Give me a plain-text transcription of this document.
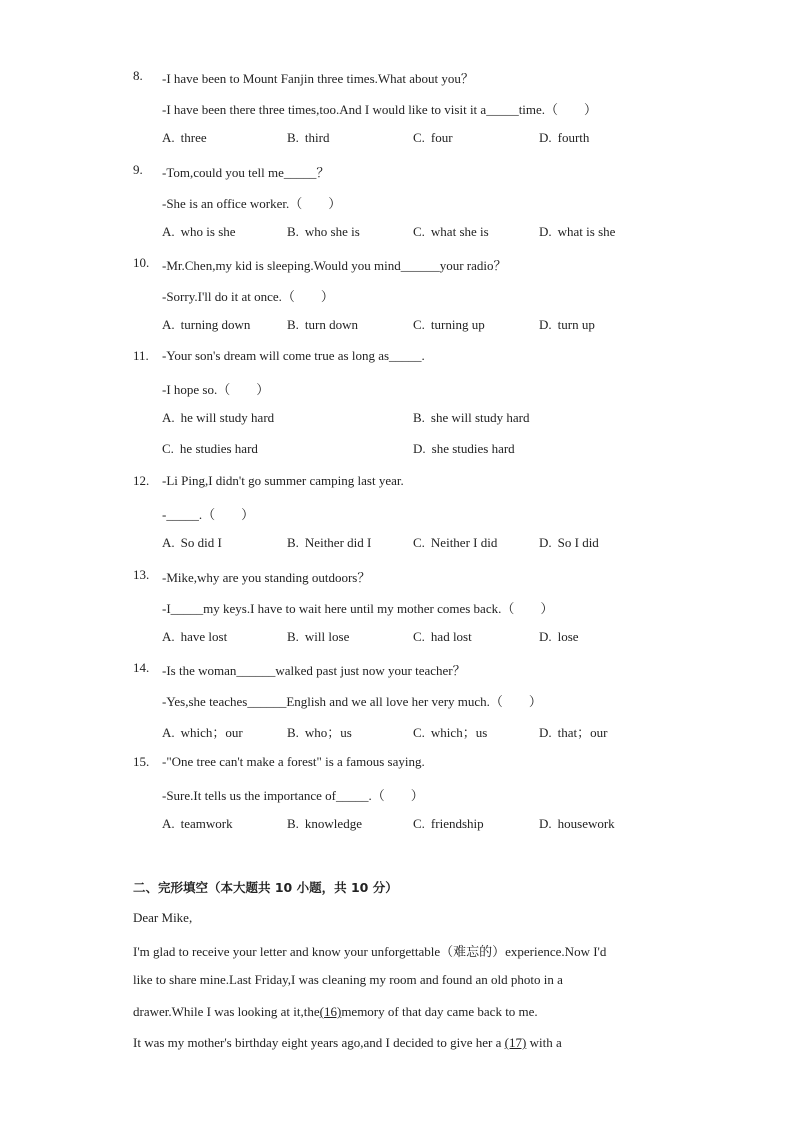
8. -I have been to Mount Fanjin three times.What about you？
-I have been there three times,too.And I would like to visit it a_____time.（　　）
A. three	B. third	C. four	D. fourth
9. -Tom,could you tell me_____？
-She is an office worker.（　　）
A. who is she	B. who she is	C. what she is	D. what is she
10. -Mr.Chen,my kid is sleeping.Would you mind______your radio？
-Sorry.I'll do it at once.（　　）
A. turning down	B. turn down	C. turning up	D. turn up
11. -Your son's dream will come true as long as_____.
-I hope so.（　　）
A. he will study hard	B. she will study hard
C. he studies hard	D. she studies hard
12. -Li Ping,I didn't go summer camping last year.
-_____.（　　）
A. So did I	B. Neither did I	C. Neither I did	D. So I did
13. -Mike,why are you standing outdoors？
-I_____my keys.I have to wait here until my mother comes back.（　　）
A. have lost	B. will lose	C. had lost	D. lose
14. -Is the woman______walked past just now your teacher？
-Yes,she teaches______English and we all love her very much.（　　）
A. which；our	B. who；us	C. which；us	D. that；our
15. -"One tree can't make a forest" is a famous saying.
-Sure.It tells us the importance of_____.（　　）
A. teamwork	B. knowledge	C. friendship	D. housework
二、完形填空（本大题共 10 小题，共 10 分）
Dear Mike,
I'm glad to receive your letter and know your unforgettable（难忘的）experience.Now I'd
like to share mine.Last Friday,I was cleaning my room and found an old photo in a
drawer.While I was looking at it,the(16)memory of that day came back to me.
It was my mother's birthday eight years ago,and I decided to give her a (17) with a
